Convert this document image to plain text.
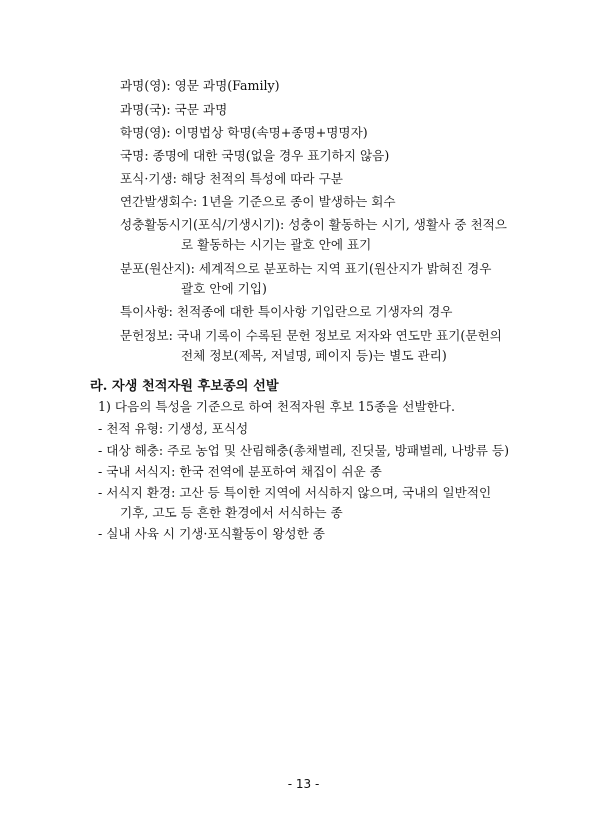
과명(영): 영문 과명(Family)
과명(국): 국문 과명
학명(영): 이명법상 학명(속명+종명+명명자)
국명: 종명에 대한 국명(없을 경우 표기하지 않음)
포식·기생: 해당 천적의 특성에 따라 구분
연간발생회수: 1년을 기준으로 종이 발생하는 회수
성충활동시기(포식/기생시기): 성충이 활동하는 시기, 생활사 중 천적으
로 활동하는 시기는 괄호 안에 표기
분포(원산지): 세계적으로 분포하는 지역 표기(원산지가 밝혀진 경우
괄호 안에 기입)
특이사항: 천적종에 대한 특이사항 기입란으로 기생자의 경우
문헌정보: 국내 기록이 수록된 문헌 정보로 저자와 연도만 표기(문헌의
전체 정보(제목, 저널명, 페이지 등)는 별도 관리)
라. 자생 천적자원 후보종의 선발
1) 다음의 특성을 기준으로 하여 천적자원 후보 15종을 선발한다.
- 천적 유형: 기생성, 포식성
- 대상 해충: 주로 농업 및 산림해충(총채벌레, 진딧물, 방패벌레, 나방류 등)
- 국내 서식지: 한국 전역에 분포하여 채집이 쉬운 종
- 서식지 환경: 고산 등 특이한 지역에 서식하지 않으며, 국내의 일반적인
기후, 고도 등 흔한 환경에서 서식하는 종
- 실내 사육 시 기생·포식활동이 왕성한 종
- 13 -
